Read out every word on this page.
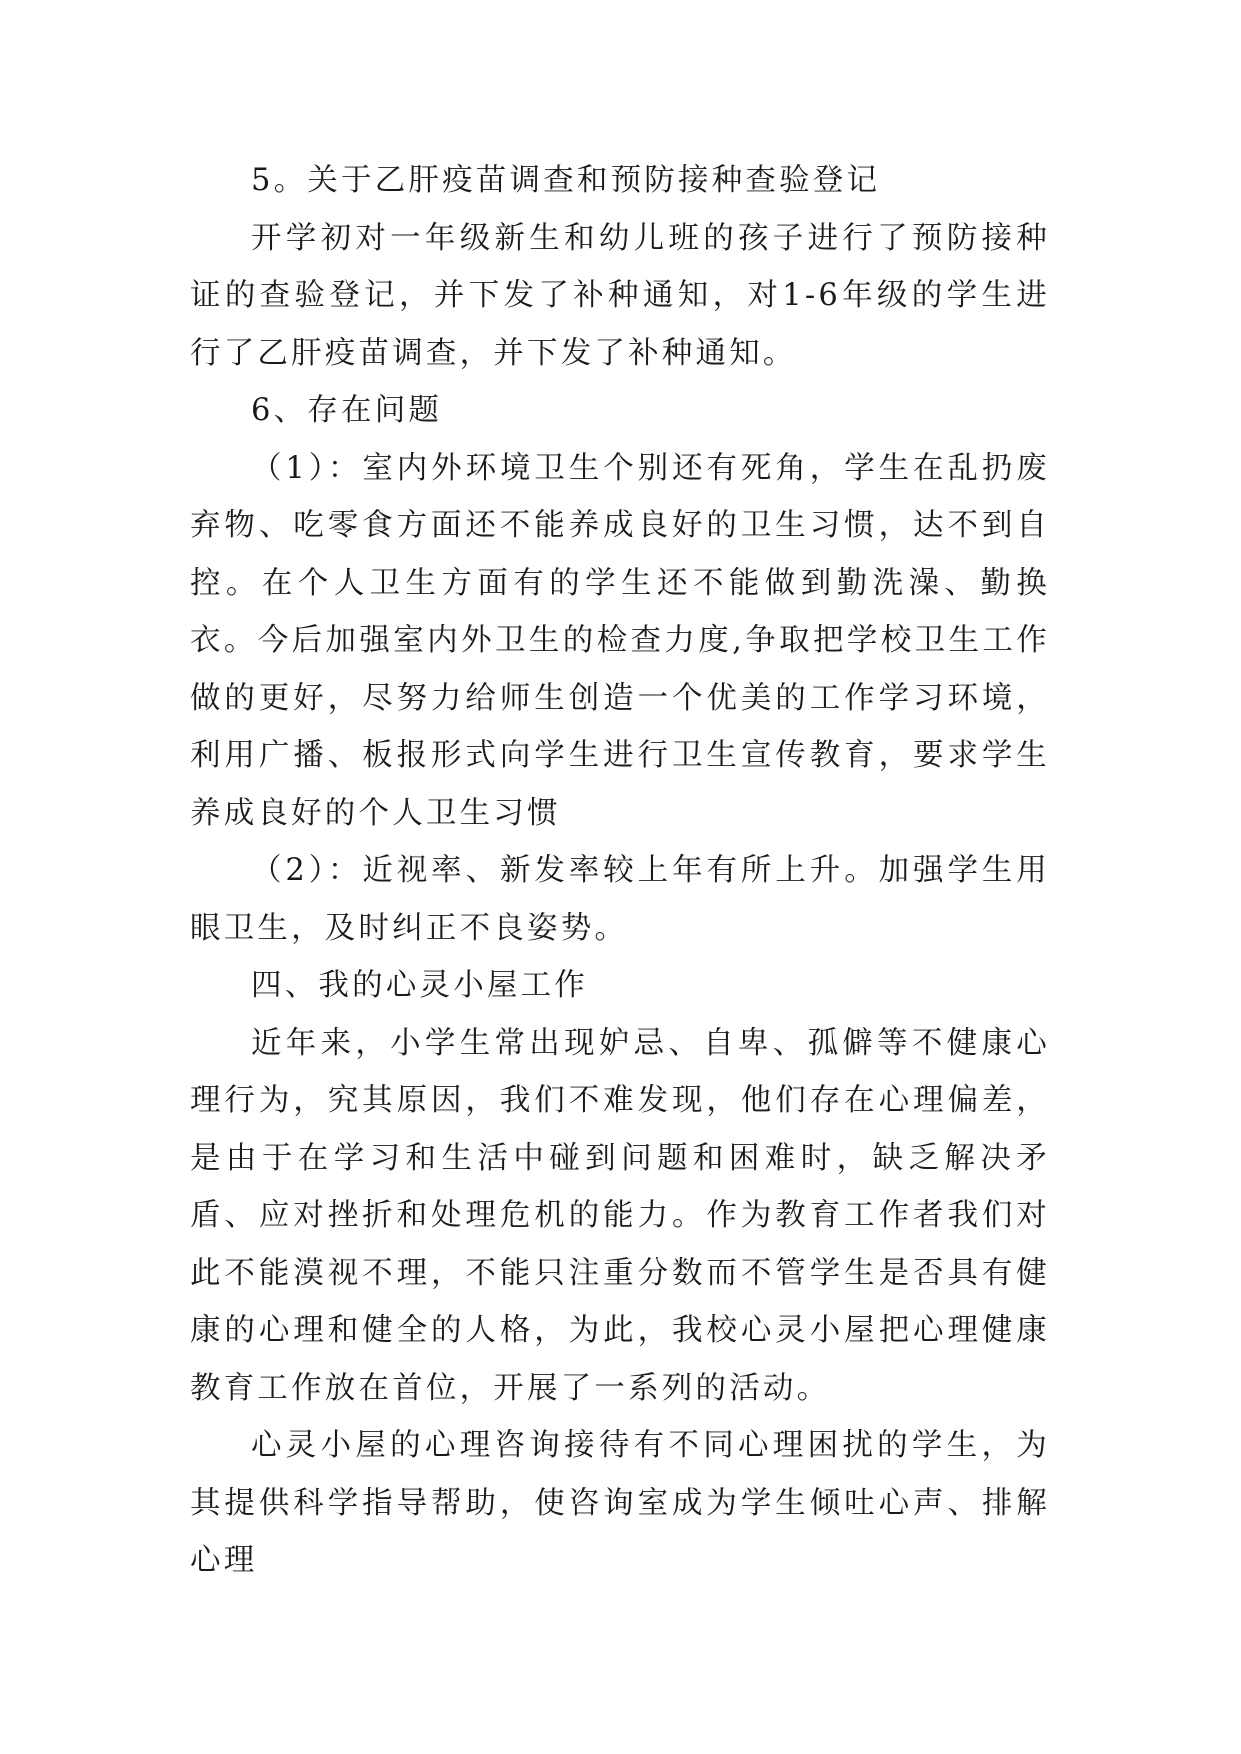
5。关于乙肝疫苗调查和预防接种查验登记

开学初对一年级新生和幼儿班的孩子进行了预防接种证的查验登记，并下发了补种通知，对1-6年级的学生进行了乙肝疫苗调查，并下发了补种通知。

6、存在问题

（1）：室内外环境卫生个别还有死角，学生在乱扔废弃物、吃零食方面还不能养成良好的卫生习惯，达不到自控。在个人卫生方面有的学生还不能做到勤洗澡、勤换衣。今后加强室内外卫生的检查力度,争取把学校卫生工作做的更好，尽努力给师生创造一个优美的工作学习环境，利用广播、板报形式向学生进行卫生宣传教育，要求学生养成良好的个人卫生习惯

（2）：近视率、新发率较上年有所上升。加强学生用眼卫生，及时纠正不良姿势。

四、我的心灵小屋工作

近年来，小学生常出现妒忌、自卑、孤僻等不健康心理行为，究其原因，我们不难发现，他们存在心理偏差，是由于在学习和生活中碰到问题和困难时，缺乏解决矛盾、应对挫折和处理危机的能力。作为教育工作者我们对此不能漠视不理，不能只注重分数而不管学生是否具有健康的心理和健全的人格，为此，我校心灵小屋把心理健康教育工作放在首位，开展了一系列的活动。

心灵小屋的心理咨询接待有不同心理困扰的学生，为其提供科学指导帮助，使咨询室成为学生倾吐心声、排解心理
